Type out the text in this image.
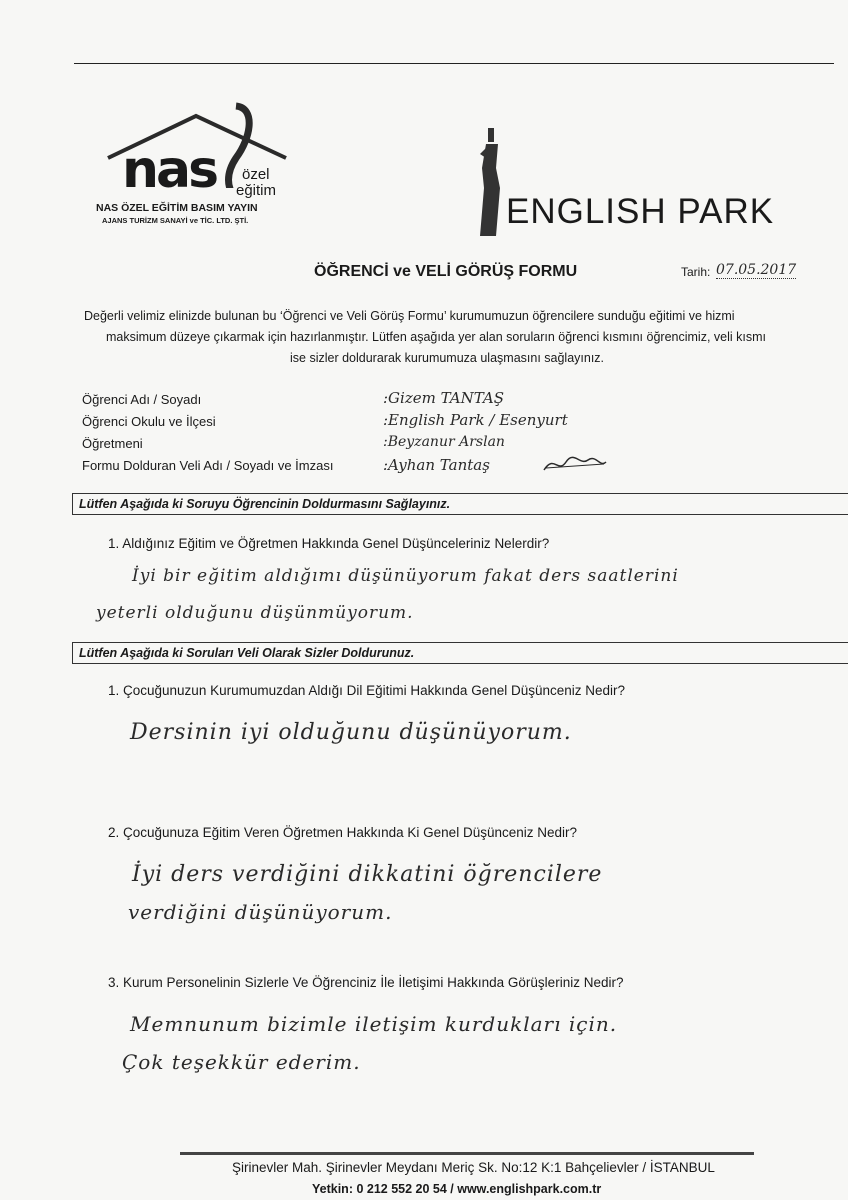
nas özel
eğitim
NAS ÖZEL EĞİTİM BASIM YAYIN
AJANS TURİZM SANAYİ ve TİC. LTD. ŞTİ.	ENGLISH PARK
ÖĞRENCİ ve VELİ GÖRÜŞ FORMU	Tarih: 07.05.2017
Değerli velimiz elinizde bulunan bu ‘Öğrenci ve Veli Görüş Formu’ kurumumuzun öğrencilere sunduğu eğitimi ve hizmi
maksimum düzeye çıkarmak için hazırlanmıştır. Lütfen aşağıda yer alan soruların öğrenci kısmını öğrencimiz, veli kısmı
ise sizler doldurarak kurumumuza ulaşmasını sağlayınız.
Öğrenci Adı / Soyadı	:Gizem TANTAŞ
Öğrenci Okulu ve İlçesi	:English Park / Esenyurt
Öğretmeni	:Beyzanur Arslan
Formu Dolduran Veli Adı / Soyadı ve İmzası	:Ayhan Tantaş
Lütfen Aşağıda ki Soruyu Öğrencinin Doldurmasını Sağlayınız.
1. Aldığınız Eğitim ve Öğretmen Hakkında Genel Düşünceleriniz Nelerdir?
İyi bir eğitim aldığımı düşünüyorum fakat ders saatlerini
yeterli olduğunu düşünmüyorum.
Lütfen Aşağıda ki Soruları Veli Olarak Sizler Doldurunuz.
1. Çocuğunuzun Kurumumuzdan Aldığı Dil Eğitimi Hakkında Genel Düşünceniz Nedir?
Dersinin iyi olduğunu düşünüyorum.
2. Çocuğunuza Eğitim Veren Öğretmen Hakkında Ki Genel Düşünceniz Nedir?
İyi ders verdiğini dikkatini öğrencilere
verdiğini düşünüyorum.
3. Kurum Personelinin Sizlerle Ve Öğrenciniz İle İletişimi Hakkında Görüşleriniz Nedir?
Memnunum bizimle iletişim kurdukları için.
Çok teşekkür ederim.
Şirinevler Mah. Şirinevler Meydanı Meriç Sk. No:12 K:1 Bahçelievler / İSTANBUL
Yetkin: 0 212 552 20 54 / www.englishpark.com.tr
